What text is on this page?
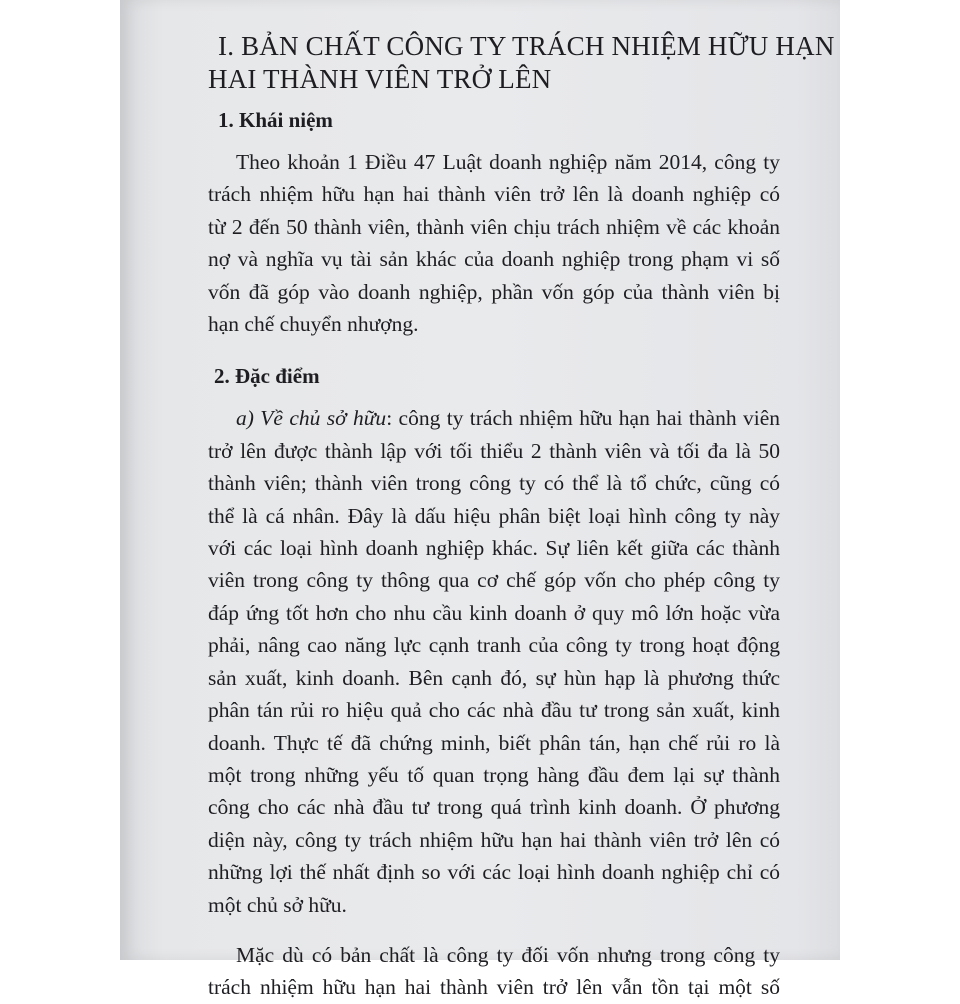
I. BẢN CHẤT CÔNG TY TRÁCH NHIỆM HỮU HẠN
HAI THÀNH VIÊN TRỞ LÊN
1. Khái niệm
Theo khoản 1 Điều 47 Luật doanh nghiệp năm 2014, công ty
trách nhiệm hữu hạn hai thành viên trở lên là doanh nghiệp có
từ 2 đến 50 thành viên, thành viên chịu trách nhiệm về các khoản
nợ và nghĩa vụ tài sản khác của doanh nghiệp trong phạm vi số
vốn đã góp vào doanh nghiệp, phần vốn góp của thành viên bị
hạn chế chuyển nhượng.
2. Đặc điểm
a) Về chủ sở hữu: công ty trách nhiệm hữu hạn hai thành viên
trở lên được thành lập với tối thiểu 2 thành viên và tối đa là 50
thành viên; thành viên trong công ty có thể là tổ chức, cũng có
thể là cá nhân. Đây là dấu hiệu phân biệt loại hình công ty này
với các loại hình doanh nghiệp khác. Sự liên kết giữa các thành
viên trong công ty thông qua cơ chế góp vốn cho phép công ty
đáp ứng tốt hơn cho nhu cầu kinh doanh ở quy mô lớn hoặc vừa
phải, nâng cao năng lực cạnh tranh của công ty trong hoạt động
sản xuất, kinh doanh. Bên cạnh đó, sự hùn hạp là phương thức
phân tán rủi ro hiệu quả cho các nhà đầu tư trong sản xuất, kinh
doanh. Thực tế đã chứng minh, biết phân tán, hạn chế rủi ro là
một trong những yếu tố quan trọng hàng đầu đem lại sự thành
công cho các nhà đầu tư trong quá trình kinh doanh. Ở phương
diện này, công ty trách nhiệm hữu hạn hai thành viên trở lên có
những lợi thế nhất định so với các loại hình doanh nghiệp chỉ có
một chủ sở hữu.
Mặc dù có bản chất là công ty đối vốn nhưng trong công ty
trách nhiệm hữu hạn hai thành viên trở lên vẫn tồn tại một số
